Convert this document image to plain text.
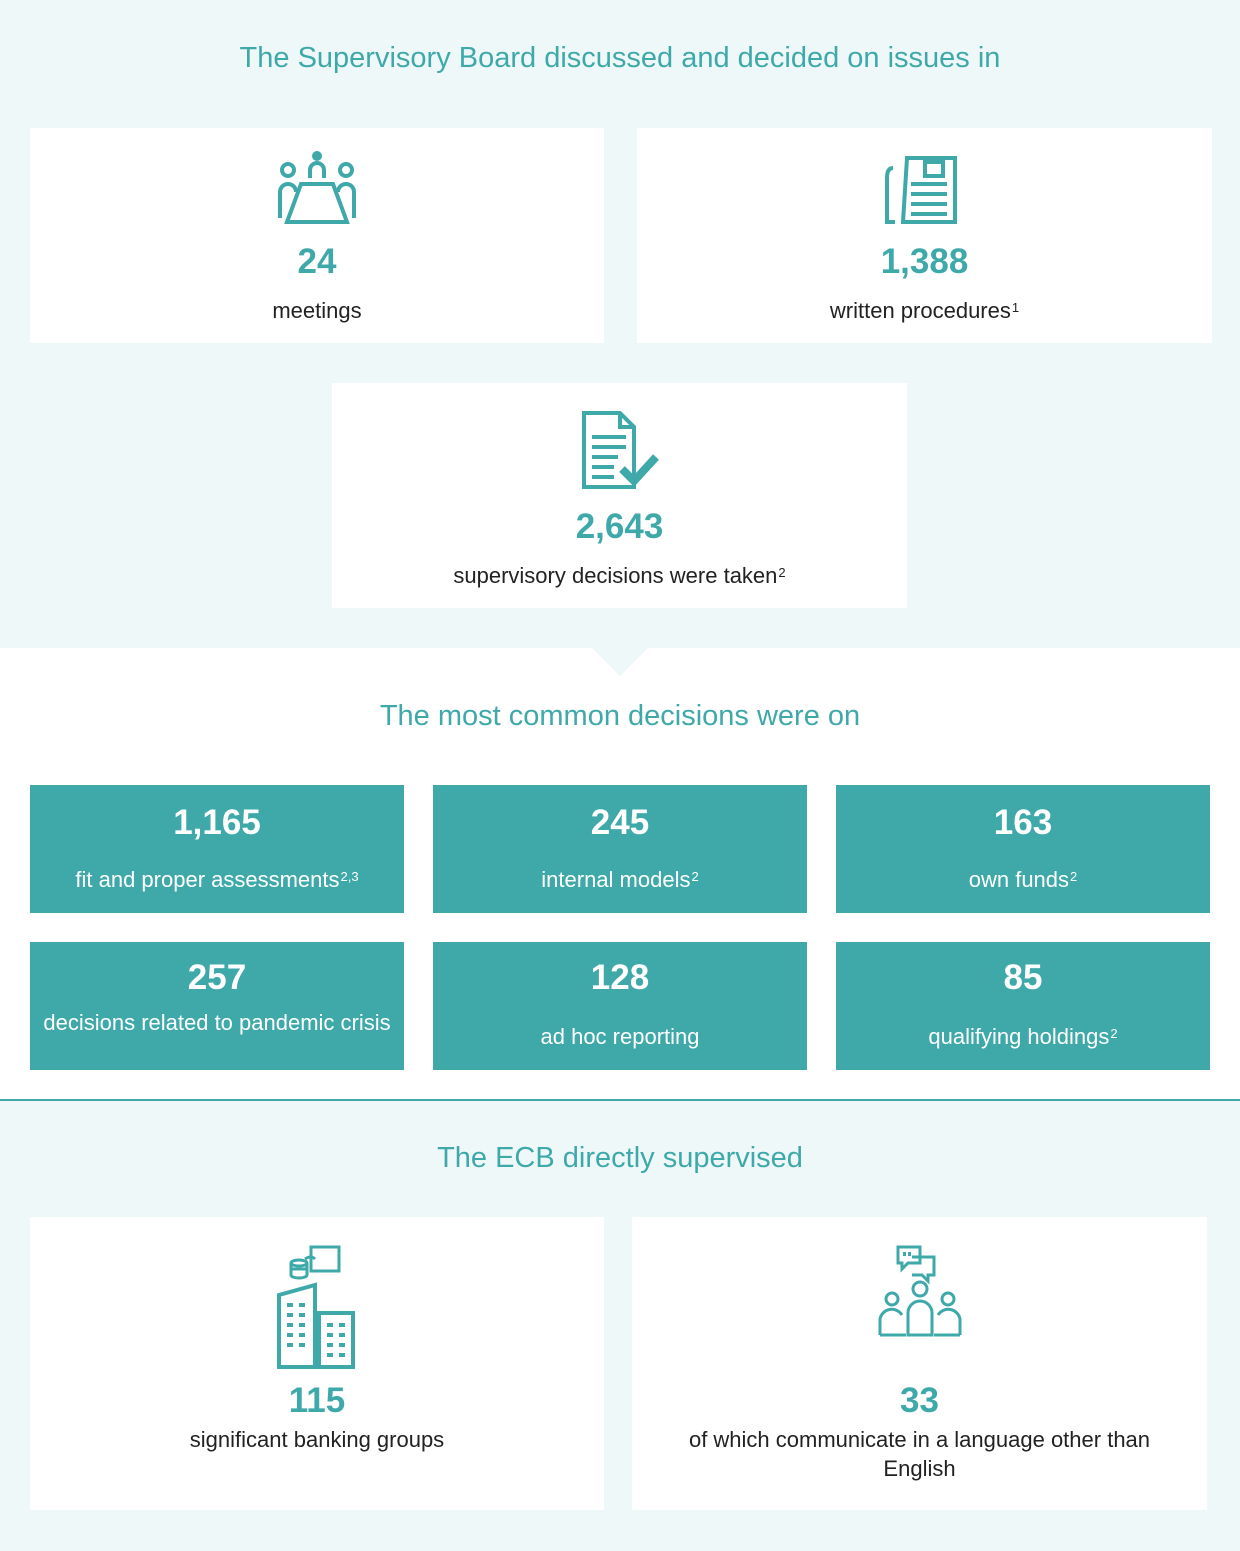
The Supervisory Board discussed and decided on issues in
24
meetings
1,388
written procedures$^1$
2,643
supervisory decisions were taken$^2$
The most common decisions were on
1,165
fit and proper assessments$^{2,3}$
245
internal models$^2$
163
own funds$^2$
257
decisions related to pandemic crisis
128
ad hoc reporting
85
qualifying holdings$^2$
The ECB directly supervised
115
significant banking groups
33
of which communicate in a language other than English
